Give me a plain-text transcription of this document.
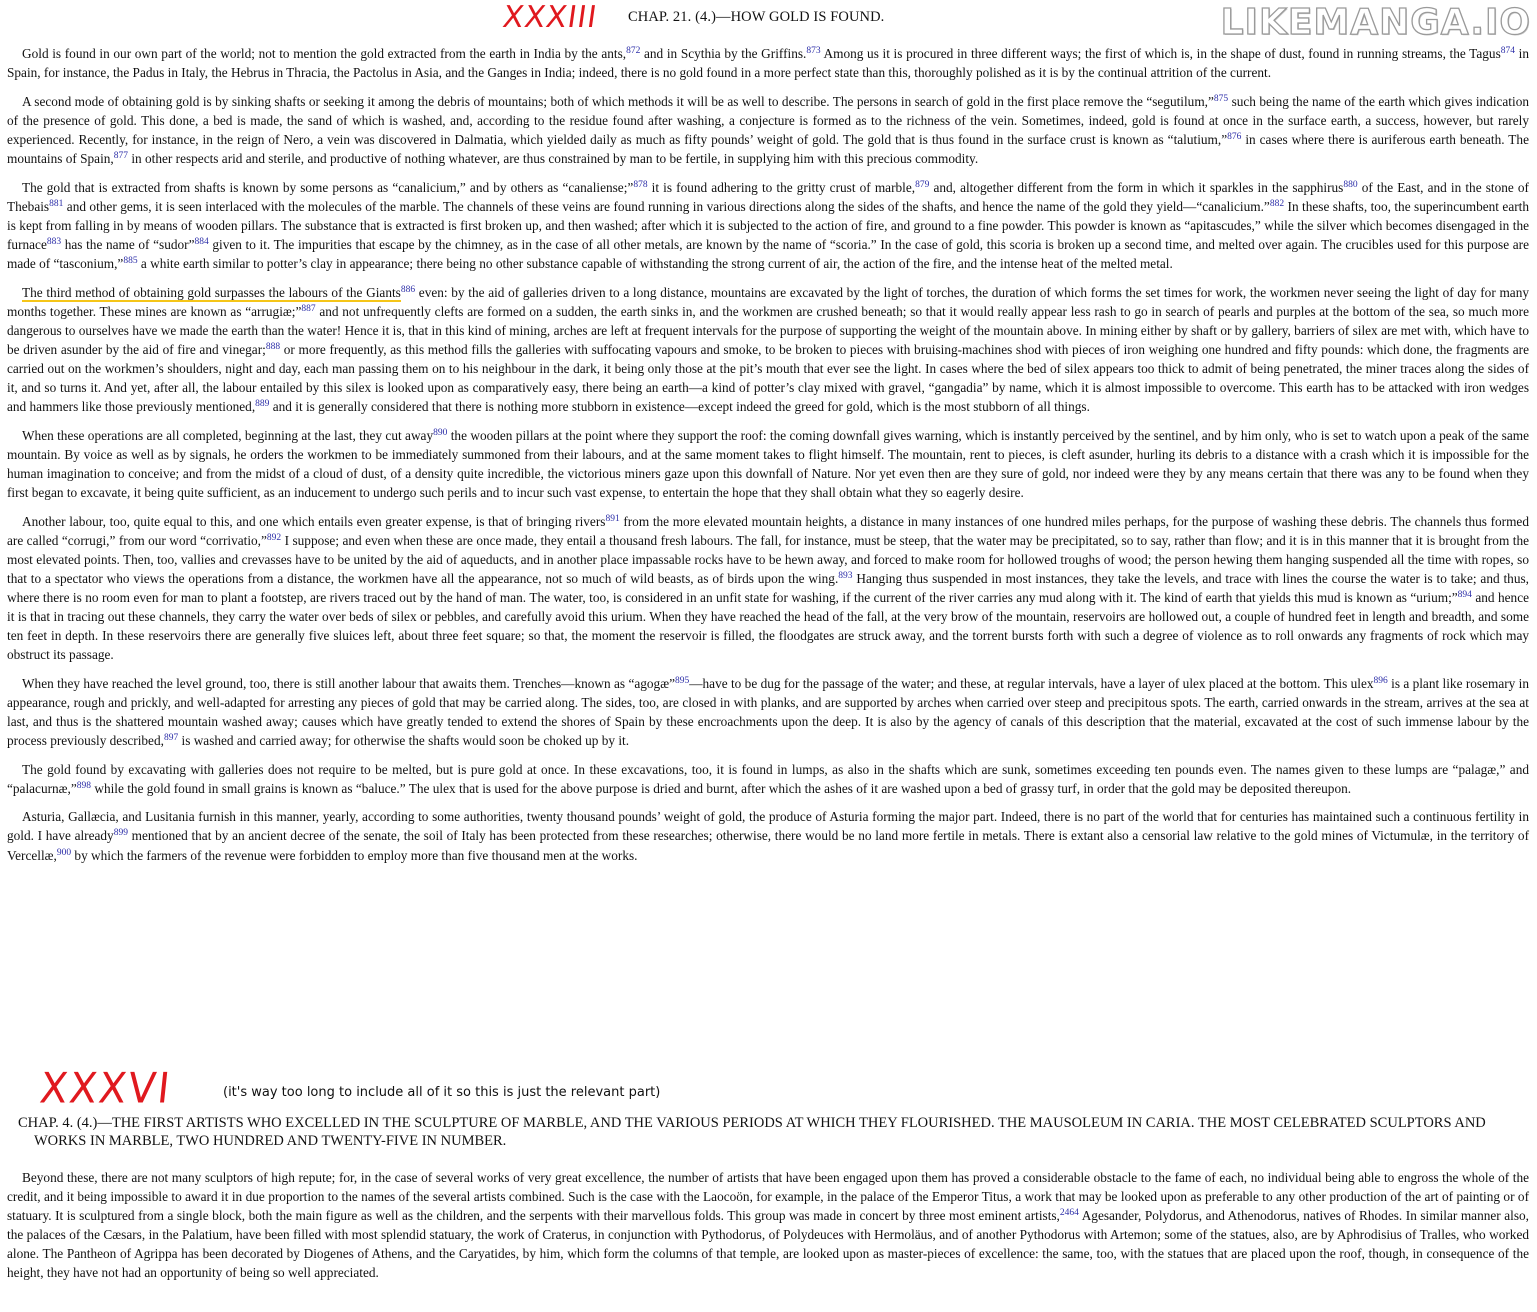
XXXIII CHAP. 21. (4.)—HOW GOLD IS FOUND.	LIKEMANGA.IO

Gold is found in our own part of the world; not to mention the gold extracted from the earth in India by the ants,$^{872}$ and in Scythia by the Griffins.$^{873}$ Among us it is procured in three different ways; the first of which is, in the shape of dust, found in running streams, the Tagus$^{874}$ in Spain, for instance, the Padus in Italy, the Hebrus in Thracia, the Pactolus in Asia, and the Ganges in India; indeed, there is no gold found in a more perfect state than this, thoroughly polished as it is by the continual attrition of the current.

A second mode of obtaining gold is by sinking shafts or seeking it among the debris of mountains; both of which methods it will be as well to describe. The persons in search of gold in the first place remove the “segutilum,”$^{875}$ such being the name of the earth which gives indication of the presence of gold. This done, a bed is made, the sand of which is washed, and, according to the residue found after washing, a conjecture is formed as to the richness of the vein. Sometimes, indeed, gold is found at once in the surface earth, a success, however, but rarely experienced. Recently, for instance, in the reign of Nero, a vein was discovered in Dalmatia, which yielded daily as much as fifty pounds’ weight of gold. The gold that is thus found in the surface crust is known as “talutium,”$^{876}$ in cases where there is auriferous earth beneath. The mountains of Spain,$^{877}$ in other respects arid and sterile, and productive of nothing whatever, are thus constrained by man to be fertile, in supplying him with this precious commodity.

The gold that is extracted from shafts is known by some persons as “canalicium,” and by others as “canaliense;”$^{878}$ it is found adhering to the gritty crust of marble,$^{879}$ and, altogether different from the form in which it sparkles in the sapphirus$^{880}$ of the East, and in the stone of Thebais$^{881}$ and other gems, it is seen interlaced with the molecules of the marble. The channels of these veins are found running in various directions along the sides of the shafts, and hence the name of the gold they yield—“canalicium.”$^{882}$ In these shafts, too, the superincumbent earth is kept from falling in by means of wooden pillars. The substance that is extracted is first broken up, and then washed; after which it is subjected to the action of fire, and ground to a fine powder. This powder is known as “apitascudes,” while the silver which becomes disengaged in the furnace$^{883}$ has the name of “sudor”$^{884}$ given to it. The impurities that escape by the chimney, as in the case of all other metals, are known by the name of “scoria.” In the case of gold, this scoria is broken up a second time, and melted over again. The crucibles used for this purpose are made of “tasconium,”$^{885}$ a white earth similar to potter’s clay in appearance; there being no other substance capable of withstanding the strong current of air, the action of the fire, and the intense heat of the melted metal.

The third method of obtaining gold surpasses the labours of the Giants$^{886}$ even: by the aid of galleries driven to a long distance, mountains are excavated by the light of torches, the duration of which forms the set times for work, the workmen never seeing the light of day for many months together. These mines are known as “arrugiæ;”$^{887}$ and not unfrequently clefts are formed on a sudden, the earth sinks in, and the workmen are crushed beneath; so that it would really appear less rash to go in search of pearls and purples at the bottom of the sea, so much more dangerous to ourselves have we made the earth than the water! Hence it is, that in this kind of mining, arches are left at frequent intervals for the purpose of supporting the weight of the mountain above. In mining either by shaft or by gallery, barriers of silex are met with, which have to be driven asunder by the aid of fire and vinegar;$^{888}$ or more frequently, as this method fills the galleries with suffocating vapours and smoke, to be broken to pieces with bruising-machines shod with pieces of iron weighing one hundred and fifty pounds: which done, the fragments are carried out on the workmen’s shoulders, night and day, each man passing them on to his neighbour in the dark, it being only those at the pit’s mouth that ever see the light. In cases where the bed of silex appears too thick to admit of being penetrated, the miner traces along the sides of it, and so turns it. And yet, after all, the labour entailed by this silex is looked upon as comparatively easy, there being an earth—a kind of potter’s clay mixed with gravel, “gangadia” by name, which it is almost impossible to overcome. This earth has to be attacked with iron wedges and hammers like those previously mentioned,$^{889}$ and it is generally considered that there is nothing more stubborn in existence—except indeed the greed for gold, which is the most stubborn of all things.

When these operations are all completed, beginning at the last, they cut away$^{890}$ the wooden pillars at the point where they support the roof: the coming downfall gives warning, which is instantly perceived by the sentinel, and by him only, who is set to watch upon a peak of the same mountain. By voice as well as by signals, he orders the workmen to be immediately summoned from their labours, and at the same moment takes to flight himself. The mountain, rent to pieces, is cleft asunder, hurling its debris to a distance with a crash which it is impossible for the human imagination to conceive; and from the midst of a cloud of dust, of a density quite incredible, the victorious miners gaze upon this downfall of Nature. Nor yet even then are they sure of gold, nor indeed were they by any means certain that there was any to be found when they first began to excavate, it being quite sufficient, as an inducement to undergo such perils and to incur such vast expense, to entertain the hope that they shall obtain what they so eagerly desire.

Another labour, too, quite equal to this, and one which entails even greater expense, is that of bringing rivers$^{891}$ from the more elevated mountain heights, a distance in many instances of one hundred miles perhaps, for the purpose of washing these debris. The channels thus formed are called “corrugi,” from our word “corrivatio,”$^{892}$ I suppose; and even when these are once made, they entail a thousand fresh labours. The fall, for instance, must be steep, that the water may be precipitated, so to say, rather than flow; and it is in this manner that it is brought from the most elevated points. Then, too, vallies and crevasses have to be united by the aid of aqueducts, and in another place impassable rocks have to be hewn away, and forced to make room for hollowed troughs of wood; the person hewing them hanging suspended all the time with ropes, so that to a spectator who views the operations from a distance, the workmen have all the appearance, not so much of wild beasts, as of birds upon the wing.$^{893}$ Hanging thus suspended in most instances, they take the levels, and trace with lines the course the water is to take; and thus, where there is no room even for man to plant a footstep, are rivers traced out by the hand of man. The water, too, is considered in an unfit state for washing, if the current of the river carries any mud along with it. The kind of earth that yields this mud is known as “urium;”$^{894}$ and hence it is that in tracing out these channels, they carry the water over beds of silex or pebbles, and carefully avoid this urium. When they have reached the head of the fall, at the very brow of the mountain, reservoirs are hollowed out, a couple of hundred feet in length and breadth, and some ten feet in depth. In these reservoirs there are generally five sluices left, about three feet square; so that, the moment the reservoir is filled, the floodgates are struck away, and the torrent bursts forth with such a degree of violence as to roll onwards any fragments of rock which may obstruct its passage.

When they have reached the level ground, too, there is still another labour that awaits them. Trenches—known as “agogæ”$^{895}$—have to be dug for the passage of the water; and these, at regular intervals, have a layer of ulex placed at the bottom. This ulex$^{896}$ is a plant like rosemary in appearance, rough and prickly, and well-adapted for arresting any pieces of gold that may be carried along. The sides, too, are closed in with planks, and are supported by arches when carried over steep and precipitous spots. The earth, carried onwards in the stream, arrives at the sea at last, and thus is the shattered mountain washed away; causes which have greatly tended to extend the shores of Spain by these encroachments upon the deep. It is also by the agency of canals of this description that the material, excavated at the cost of such immense labour by the process previously described,$^{897}$ is washed and carried away; for otherwise the shafts would soon be choked up by it.

The gold found by excavating with galleries does not require to be melted, but is pure gold at once. In these excavations, too, it is found in lumps, as also in the shafts which are sunk, sometimes exceeding ten pounds even. The names given to these lumps are “palagæ,” and “palacurnæ,”$^{898}$ while the gold found in small grains is known as “baluce.” The ulex that is used for the above purpose is dried and burnt, after which the ashes of it are washed upon a bed of grassy turf, in order that the gold may be deposited thereupon.

Asturia, Gallæcia, and Lusitania furnish in this manner, yearly, according to some authorities, twenty thousand pounds’ weight of gold, the produce of Asturia forming the major part. Indeed, there is no part of the world that for centuries has maintained such a continuous fertility in gold. I have already$^{899}$ mentioned that by an ancient decree of the senate, the soil of Italy has been protected from these researches; otherwise, there would be no land more fertile in metals. There is extant also a censorial law relative to the gold mines of Victumulæ, in the territory of Vercellæ,$^{900}$ by which the farmers of the revenue were forbidden to employ more than five thousand men at the works.

XXXVI	(it's way too long to include all of it so this is just the relevant part)
CHAP. 4. (4.)—THE FIRST ARTISTS WHO EXCELLED IN THE SCULPTURE OF MARBLE, AND THE VARIOUS PERIODS AT WHICH THEY FLOURISHED. THE MAUSOLEUM IN CARIA. THE MOST CELEBRATED SCULPTORS AND WORKS IN MARBLE, TWO HUNDRED AND TWENTY-FIVE IN NUMBER.

Beyond these, there are not many sculptors of high repute; for, in the case of several works of very great excellence, the number of artists that have been engaged upon them has proved a considerable obstacle to the fame of each, no individual being able to engross the whole of the credit, and it being impossible to award it in due proportion to the names of the several artists combined. Such is the case with the Laocoön, for example, in the palace of the Emperor Titus, a work that may be looked upon as preferable to any other production of the art of painting or of statuary. It is sculptured from a single block, both the main figure as well as the children, and the serpents with their marvellous folds. This group was made in concert by three most eminent artists,$^{2464}$ Agesander, Polydorus, and Athenodorus, natives of Rhodes. In similar manner also, the palaces of the Cæsars, in the Palatium, have been filled with most splendid statuary, the work of Craterus, in conjunction with Pythodorus, of Polydeuces with Hermoläus, and of another Pythodorus with Artemon; some of the statues, also, are by Aphrodisius of Tralles, who worked alone. The Pantheon of Agrippa has been decorated by Diogenes of Athens, and the Caryatides, by him, which form the columns of that temple, are looked upon as master-pieces of excellence: the same, too, with the statues that are placed upon the roof, though, in consequence of the height, they have not had an opportunity of being so well appreciated.
